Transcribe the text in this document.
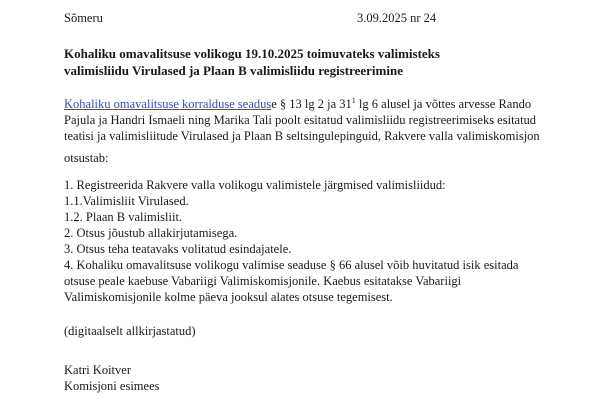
Sõmeru	3.09.2025 nr 24
Kohaliku omavalitsuse volikogu 19.10.2025 toimuvateks valimisteks
valimisliidu Virulased ja Plaan B valimisliidu registreerimine
Kohaliku omavalitsuse korralduse seaduse § 13 lg 2 ja $31^1$ lg 6 alusel ja võttes arvesse Rando
Pajula ja Handri Ismaeli ning Marika Tali poolt esitatud valimisliidu registreerimiseks esitatud
teatisi ja valimisliitude Virulased ja Plaan B seltsingulepinguid, Rakvere valla valimiskomisjon
otsustab:
1. Registreerida Rakvere valla volikogu valimistele järgmised valimisliidud:
1.1.Valimisliit Virulased.
1.2. Plaan B valimisliit.
2. Otsus jõustub allakirjutamisega.
3. Otsus teha teatavaks volitatud esindajatele.
4. Kohaliku omavalitsuse volikogu valimise seaduse § 66 alusel võib huvitatud isik esitada
otsuse peale kaebuse Vabariigi Valimiskomisjonile. Kaebus esitatakse Vabariigi
Valimiskomisjonile kolme päeva jooksul alates otsuse tegemisest.
(digitaalselt allkirjastatud)
Katri Koitver
Komisjoni esimees
